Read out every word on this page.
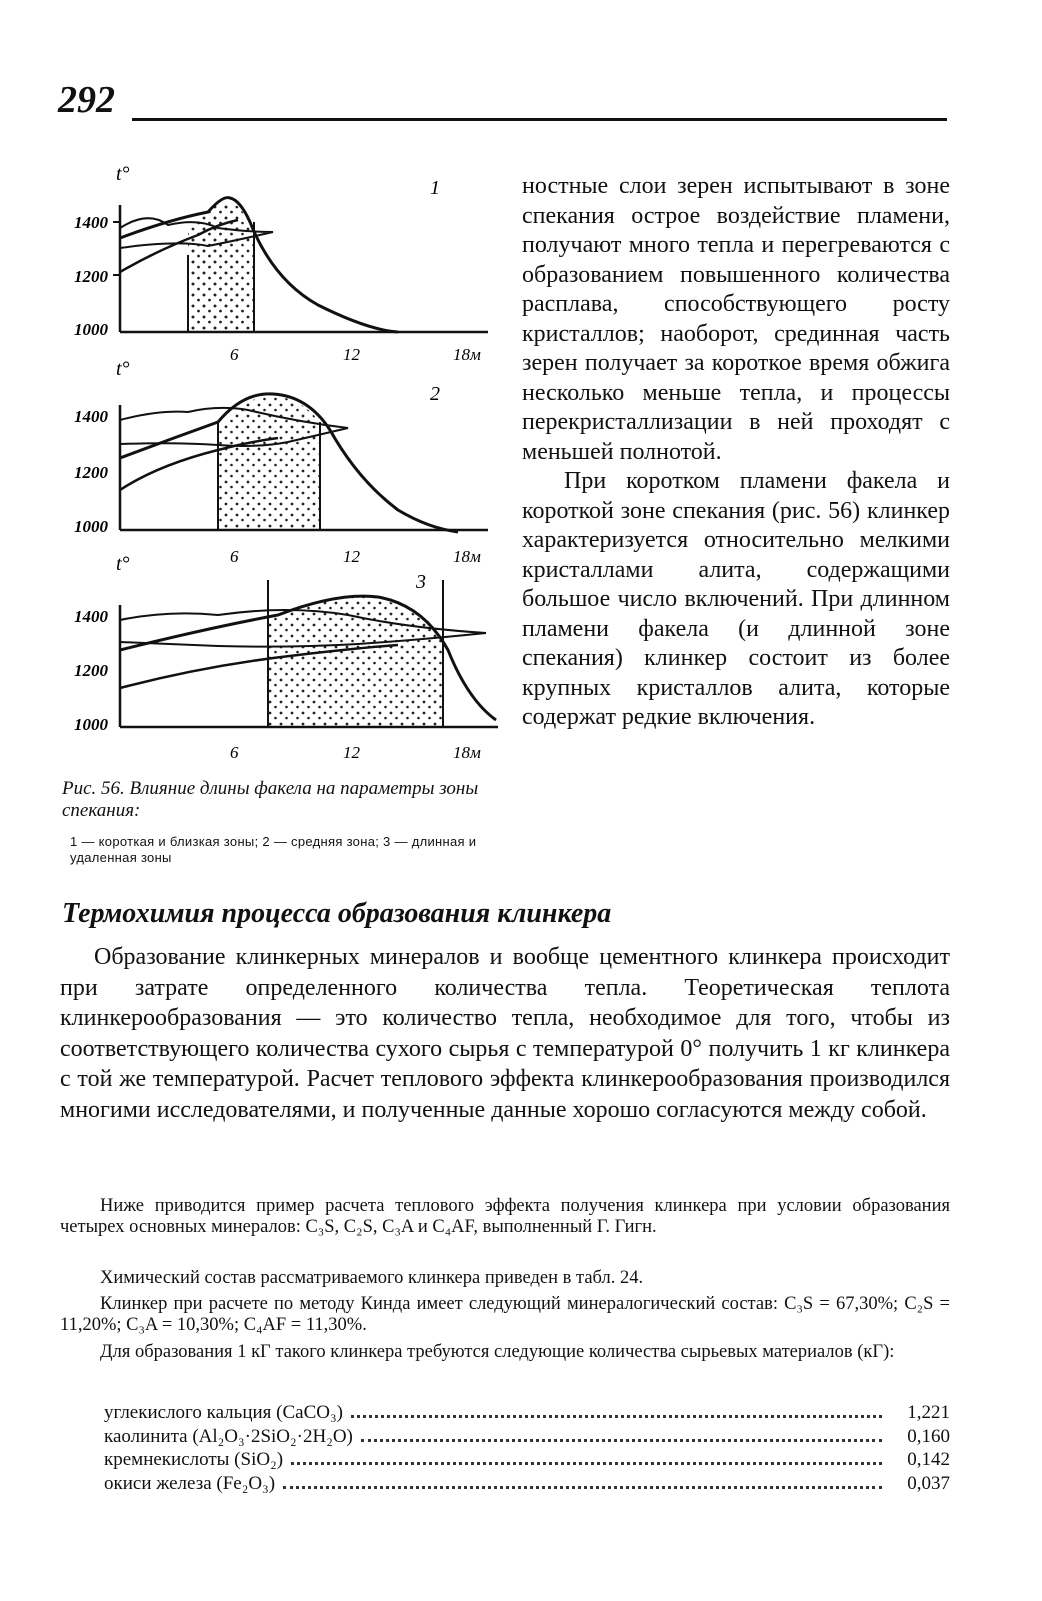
292
t°
1
1400
1200
1000
6	12	18м
t°
2
1400
1200
1000
6	12	18м
t°
3
1400
1200
1000
6	12	18м
Рис. 56. Влияние длины факела на параметры зоны спекания:
1 — короткая и близкая зоны; 2 — средняя зона; 3 — длинная и удаленная зоны

ностные слои зерен испытывают в зоне спекания острое воздействие пламени, получают много тепла и перегреваются с образованием повышенного количества расплава, способствующего росту кристаллов; наоборот, срединная часть зерен получает за короткое время обжига несколько меньше тепла, и процессы перекристаллизации в ней проходят с меньшей полнотой.

При коротком пламени факела и короткой зоне спекания (рис. 56) клинкер характеризуется относительно мелкими кристаллами алита, содержащими большое число включений. При длинном пламени факела (и длинной зоне спекания) клинкер состоит из более крупных кристаллов алита, которые содержат редкие включения.

Термохимия процесса образования клинкера
Образование клинкерных минералов и вообще цементного клинкера происходит при затрате определенного количества тепла. Теоретическая теплота клинкерообразования — это количество тепла, необходимое для того, чтобы из соответствующего количества сухого сырья с температурой 0° получить 1 кг клинкера с той же температурой. Расчет теплового эффекта клинкерообразования производился многими исследователями, и полученные данные хорошо согласуются между собой.
Ниже приводится пример расчета теплового эффекта получения клинкера при условии образования четырех основных минералов: C₃S, C₂S, C₃A и C₄AF, выполненный Г. Гигн.
Химический состав рассматриваемого клинкера приведен в табл. 24.
Клинкер при расчете по методу Кинда имеет следующий минералогический состав: C₃S = 67,30%; C₂S = 11,20%; C₃A = 10,30%; C₄AF = 11,30%.
Для образования 1 кГ такого клинкера требуются следующие количества сырьевых материалов (кГ):
углекислого кальция (CaCO₃)	1,221
каолинита (Al₂O₃·2SiO₂·2H₂O)	0,160
кремнекислоты (SiO₂)	0,142
окиси железа (Fe₂O₃)	0,037
